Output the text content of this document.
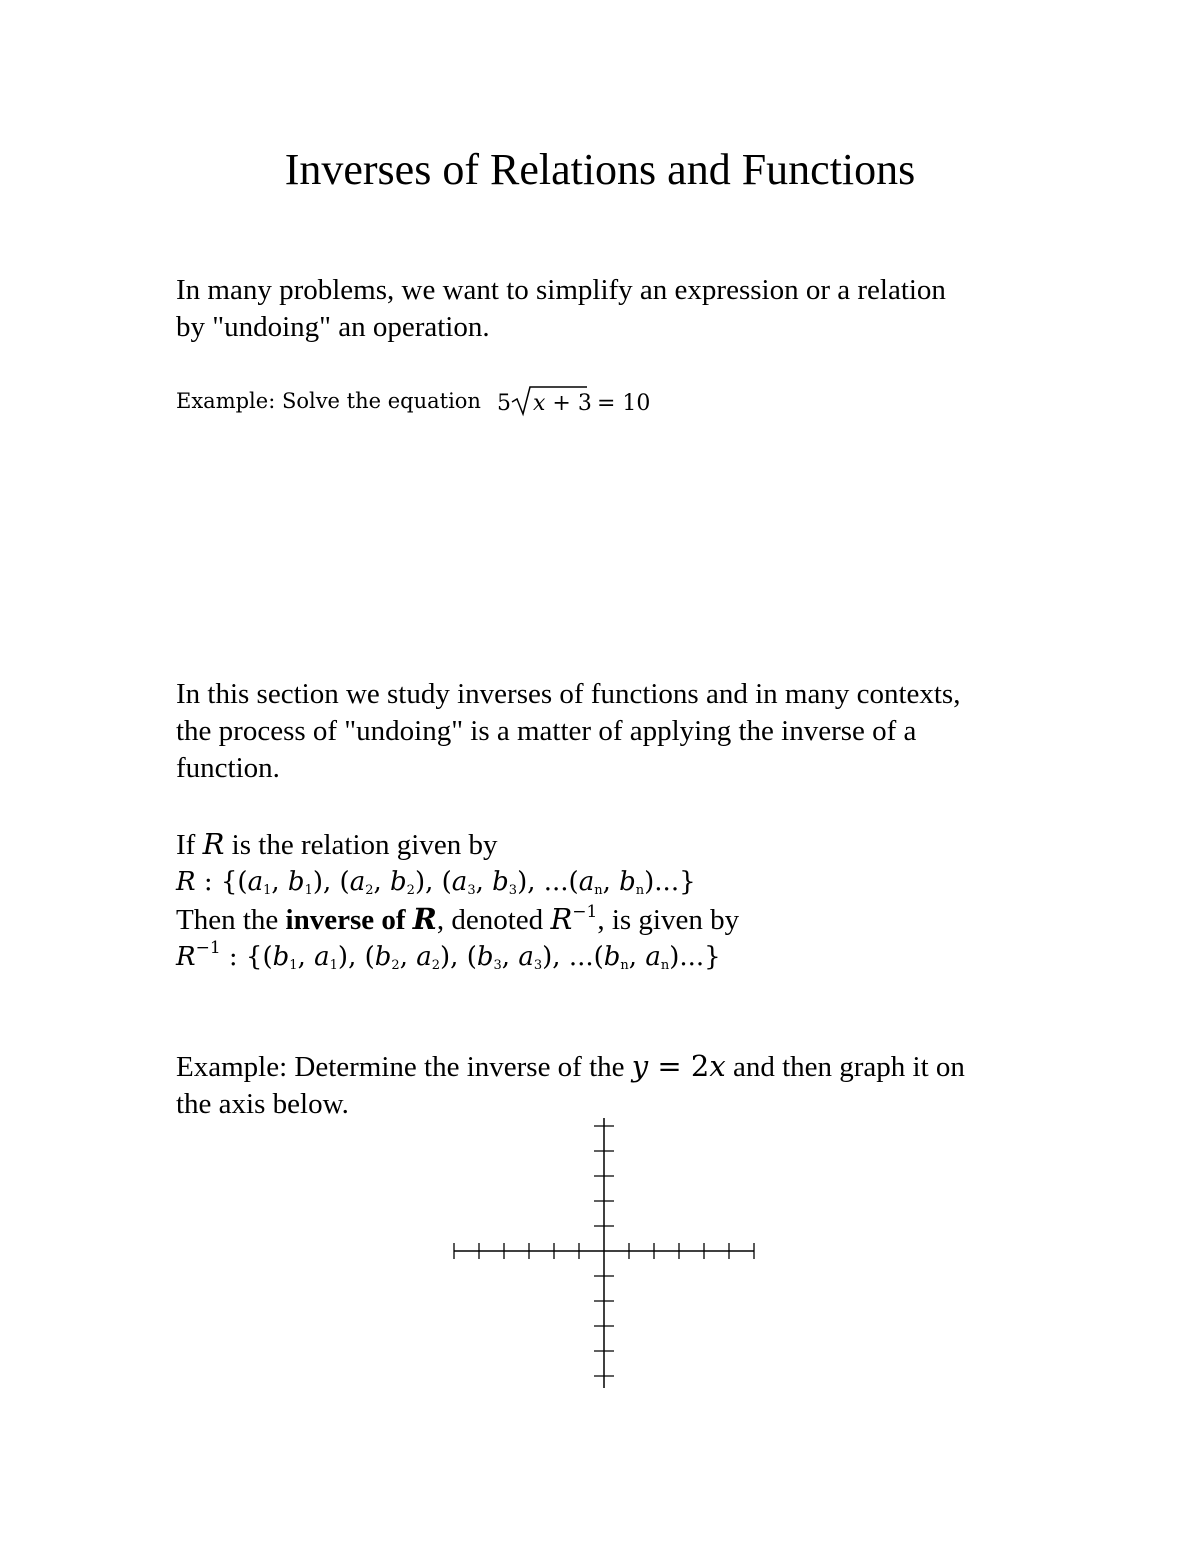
Inverses of Relations and Functions
In many problems, we want to simplify an expression or a relation
by "undoing" an operation.
Example: Solve the equation 5 x + 3 = 10
In this section we study inverses of functions and in many contexts,
the process of "undoing" is a matter of applying the inverse of a
function.
If R is the relation given by
R : {($a_1$, $b_1$), ($a_2$, $b_2$), ($a_3$, $b_3$), $...(a_n$, $b_n$)...}
Then the inverse of R, denoted $R^{-1}$, is given by
$R^{-1}$ : {($b_1$, $a_1$), ($b_2$, $a_2$), ($b_3$, $a_3$), $...(b_n$, $a_n$)...}
Example: Determine the inverse of the y = 2x and then graph it on
the axis below.
